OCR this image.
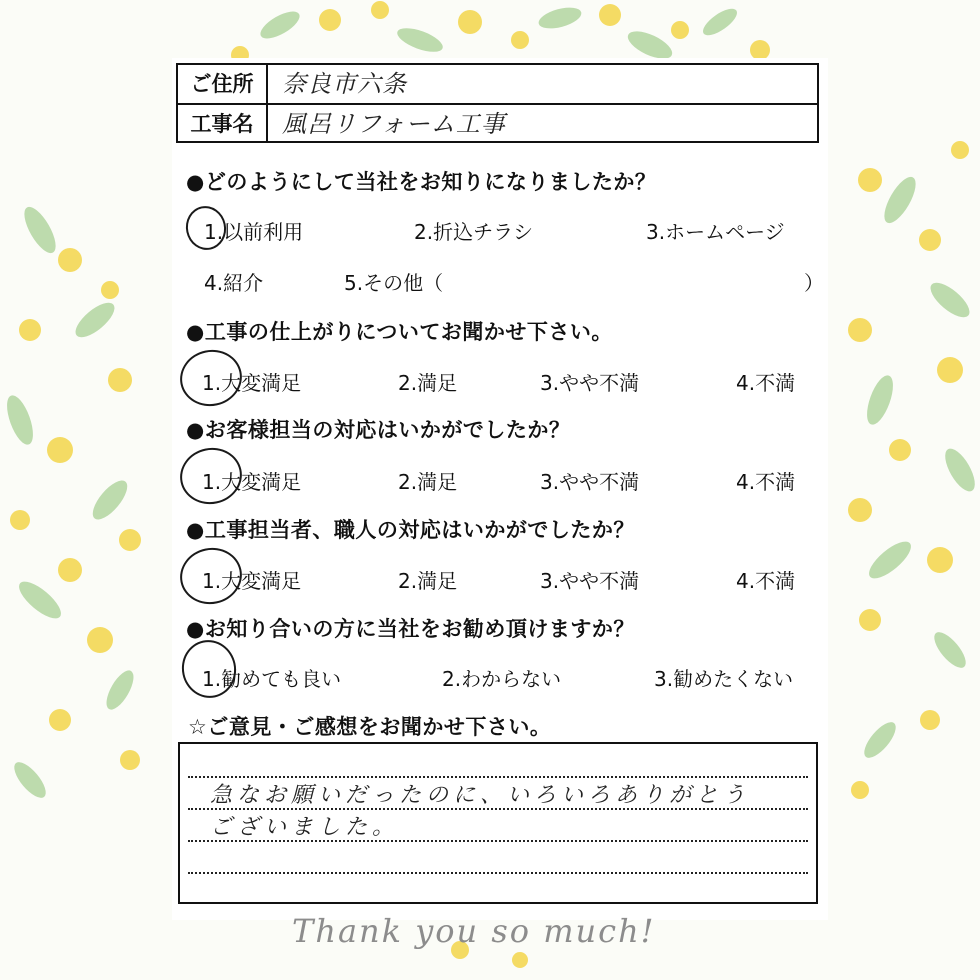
ご住所	奈良市六条
工事名	風呂リフォーム工事
●どのようにして当社をお知りになりましたか？
1.以前利用	2.折込チラシ	3.ホームページ
4.紹介	5.その他（	）
●工事の仕上がりについてお聞かせ下さい。
1.大変満足	2.満足	3.やや不満	4.不満
●お客様担当の対応はいかがでしたか？
1.大変満足	2.満足	3.やや不満	4.不満
●工事担当者、職人の対応はいかがでしたか？
1.大変満足	2.満足	3.やや不満	4.不満
●お知り合いの方に当社をお勧め頂けますか？
1.勧めても良い	2.わからない	3.勧めたくない
☆ご意見・ご感想をお聞かせ下さい。
急なお願いだったのに、いろいろありがとう
ございました。
Thank you so much!
